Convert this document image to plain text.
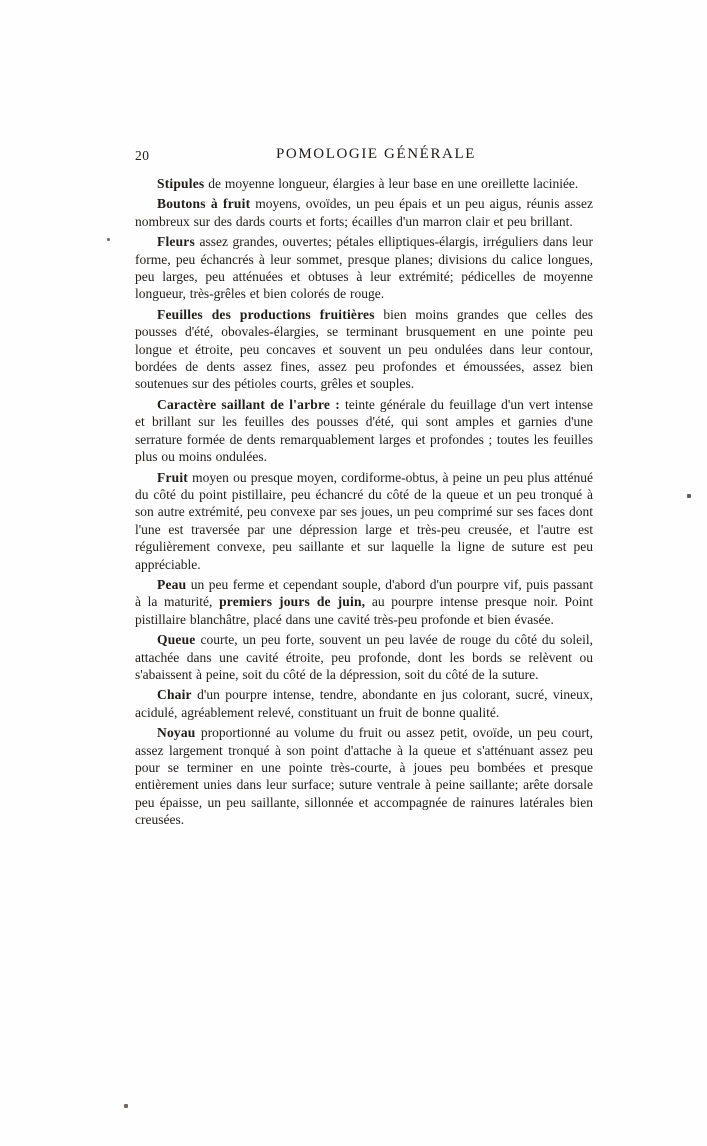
20	POMOLOGIE GÉNÉRALE

Stipules de moyenne longueur, élargies à leur base en une oreillette laciniée.

Boutons à fruit moyens, ovoïdes, un peu épais et un peu aigus, réunis assez nombreux sur des dards courts et forts; écailles d'un marron clair et peu brillant.

Fleurs assez grandes, ouvertes; pétales elliptiques-élargis, irréguliers dans leur forme, peu échancrés à leur sommet, presque planes; divisions du calice longues, peu larges, peu atténuées et obtuses à leur extrémité; pédicelles de moyenne longueur, très-grêles et bien colorés de rouge.

Feuilles des productions fruitières bien moins grandes que celles des pousses d'été, obovales-élargies, se terminant brusquement en une pointe peu longue et étroite, peu concaves et souvent un peu ondulées dans leur contour, bordées de dents assez fines, assez peu profondes et émoussées, assez bien soutenues sur des pétioles courts, grêles et souples.

Caractère saillant de l'arbre : teinte générale du feuillage d'un vert intense et brillant sur les feuilles des pousses d'été, qui sont amples et garnies d'une serrature formée de dents remarquablement larges et profondes ; toutes les feuilles plus ou moins ondulées.

Fruit moyen ou presque moyen, cordiforme-obtus, à peine un peu plus atténué du côté du point pistillaire, peu échancré du côté de la queue et un peu tronqué à son autre extrémité, peu convexe par ses joues, un peu comprimé sur ses faces dont l'une est traversée par une dépression large et très-peu creusée, et l'autre est régulièrement convexe, peu saillante et sur laquelle la ligne de suture est peu appréciable.

Peau un peu ferme et cependant souple, d'abord d'un pourpre vif, puis passant à la maturité, premiers jours de juin, au pourpre intense presque noir. Point pistillaire blanchâtre, placé dans une cavité très-peu profonde et bien évasée.

Queue courte, un peu forte, souvent un peu lavée de rouge du côté du soleil, attachée dans une cavité étroite, peu profonde, dont les bords se relèvent ou s'abaissent à peine, soit du côté de la dépression, soit du côté de la suture.

Chair d'un pourpre intense, tendre, abondante en jus colorant, sucré, vineux, acidulé, agréablement relevé, constituant un fruit de bonne qualité.

Noyau proportionné au volume du fruit ou assez petit, ovoïde, un peu court, assez largement tronqué à son point d'attache à la queue et s'atténuant assez peu pour se terminer en une pointe très-courte, à joues peu bombées et presque entièrement unies dans leur surface; suture ventrale à peine saillante; arête dorsale peu épaisse, un peu saillante, sillonnée et accompagnée de rainures latérales bien creusées.
